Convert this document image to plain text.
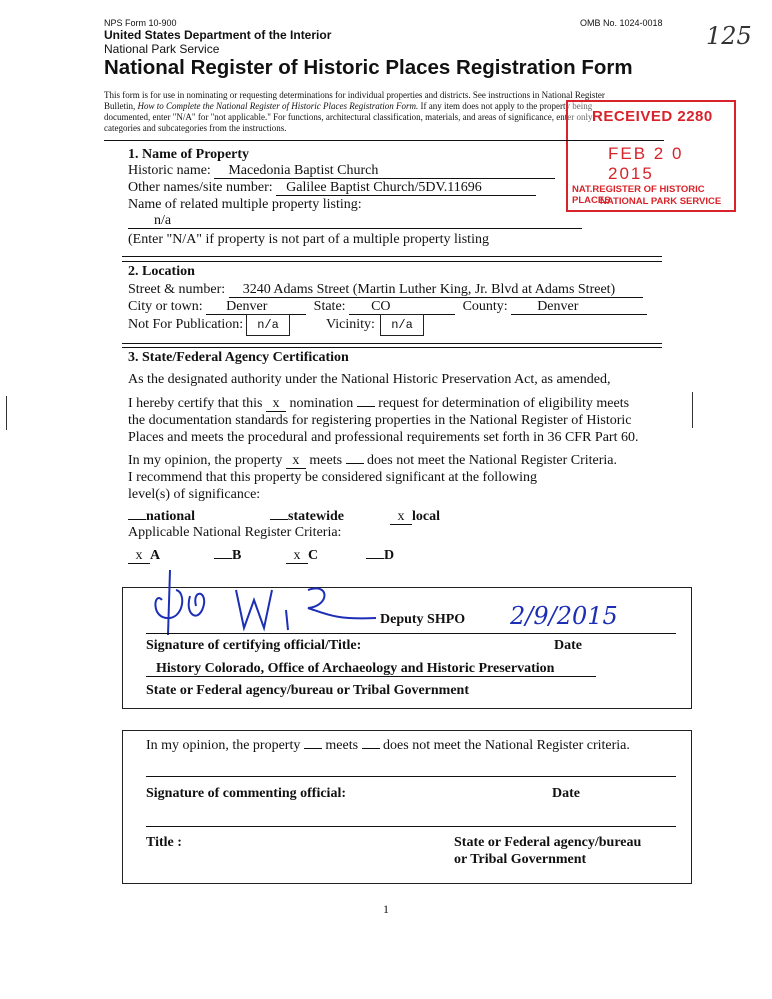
NPS Form 10-900	OMB No. 1024-0018 125
United States Department of the Interior
National Park Service
National Register of Historic Places Registration Form
This form is for use in nominating or requesting determinations for individual properties and districts. See instructions in National Register
Bulletin, How to Complete the National Register of Historic Places Registration Form. If any item does not apply to the property being
documented, enter "N/A" for "not applicable." For functions, architectural classification, materials, and areas of significance, enter only
categories and subcategories from the instructions.
RECEIVED 2280
FEB 2 0 2015
NAT.REGISTER OF HISTORIC PLACES
NATIONAL PARK SERVICE
1. Name of Property
Historic name: Macedonia Baptist Church
Other names/site number: Galilee Baptist Church/5DV.11696
Name of related multiple property listing:
n/a
(Enter "N/A" if property is not part of a multiple property listing
2. Location
Street & number: 3240 Adams Street (Martin Luther King, Jr. Blvd at Adams Street)
City or town: Denver	State: CO	County: Denver
Not For Publication:	n/a	Vicinity:	n/a
3. State/Federal Agency Certification
As the designated authority under the National Historic Preservation Act, as amended,
I hereby certify that this x nomination  request for determination of eligibility meets
the documentation standards for registering properties in the National Register of Historic
Places and meets the procedural and professional requirements set forth in 36 CFR Part 60.
In my opinion, the property x meets  does not meet the National Register Criteria.
I recommend that this property be considered significant at the following
level(s) of significance:
national	statewide	x local
Applicable National Register Criteria:
x A	B	x C	D
Deputy SHPO 2/9/2015
Signature of certifying official/Title:	Date
History Colorado, Office of Archaeology and Historic Preservation
State or Federal agency/bureau or Tribal Government
In my opinion, the property  meets  does not meet the National Register criteria.
Signature of commenting official:	Date
Title :	State or Federal agency/bureau
or Tribal Government
1
